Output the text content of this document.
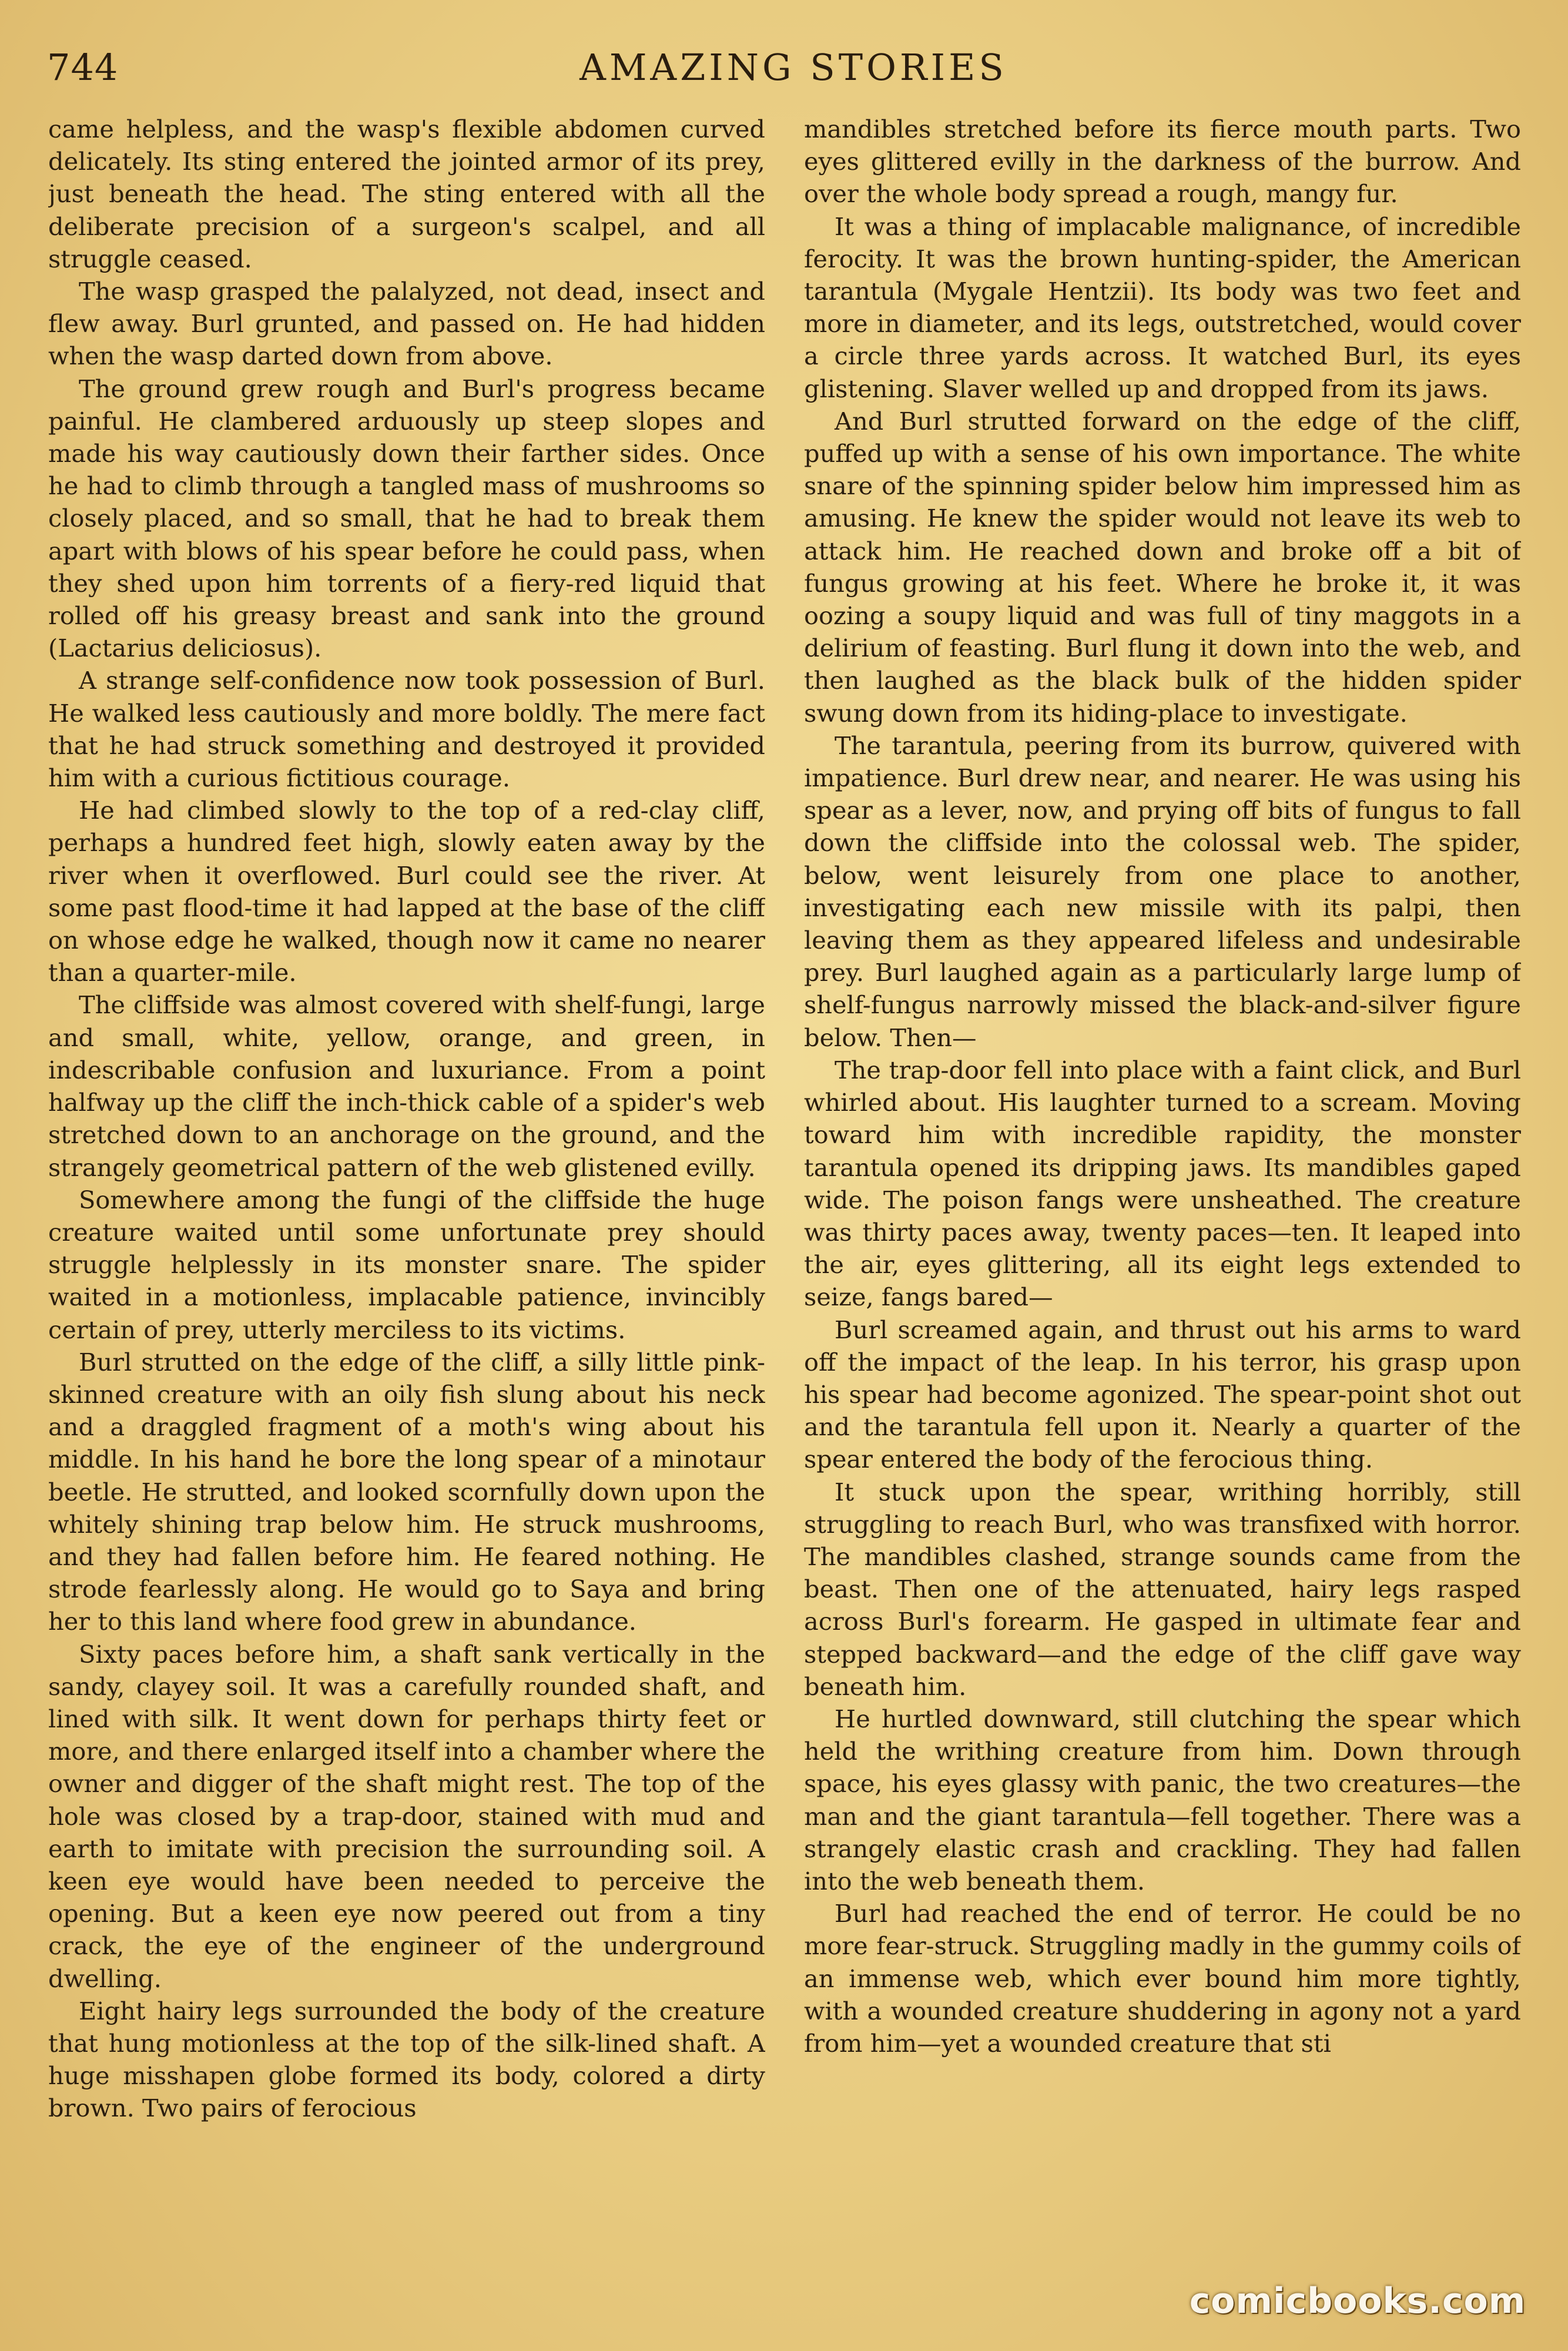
744	AMAZING STORIES

came helpless, and the wasp's flexible abdomen curved delicately. Its sting entered the jointed armor of its prey, just beneath the head. The sting entered with all the deliberate precision of a surgeon's scalpel, and all struggle ceased.

The wasp grasped the palalyzed, not dead, insect and flew away. Burl grunted, and passed on. He had hidden when the wasp darted down from above.

The ground grew rough and Burl's progress became painful. He clambered arduously up steep slopes and made his way cautiously down their farther sides. Once he had to climb through a tangled mass of mushrooms so closely placed, and so small, that he had to break them apart with blows of his spear before he could pass, when they shed upon him torrents of a fiery-red liquid that rolled off his greasy breast and sank into the ground (Lactarius deliciosus).

A strange self-confidence now took possession of Burl. He walked less cautiously and more boldly. The mere fact that he had struck something and destroyed it provided him with a curious fictitious courage.

He had climbed slowly to the top of a red-clay cliff, perhaps a hundred feet high, slowly eaten away by the river when it overflowed. Burl could see the river. At some past flood-time it had lapped at the base of the cliff on whose edge he walked, though now it came no nearer than a quarter-mile.

The cliffside was almost covered with shelf-fungi, large and small, white, yellow, orange, and green, in indescribable confusion and luxuriance. From a point halfway up the cliff the inch-thick cable of a spider's web stretched down to an anchorage on the ground, and the strangely geometrical pattern of the web glistened evilly.

Somewhere among the fungi of the cliffside the huge creature waited until some unfortunate prey should struggle helplessly in its monster snare. The spider waited in a motionless, implacable patience, invincibly certain of prey, utterly merciless to its victims.

Burl strutted on the edge of the cliff, a silly little pink-skinned creature with an oily fish slung about his neck and a draggled fragment of a moth's wing about his middle. In his hand he bore the long spear of a minotaur beetle. He strutted, and looked scornfully down upon the whitely shining trap below him. He struck mushrooms, and they had fallen before him. He feared nothing. He strode fearlessly along. He would go to Saya and bring her to this land where food grew in abundance.

Sixty paces before him, a shaft sank vertically in the sandy, clayey soil. It was a carefully rounded shaft, and lined with silk. It went down for perhaps thirty feet or more, and there enlarged itself into a chamber where the owner and digger of the shaft might rest. The top of the hole was closed by a trap-door, stained with mud and earth to imitate with precision the surrounding soil. A keen eye would have been needed to perceive the opening. But a keen eye now peered out from a tiny crack, the eye of the engineer of the underground dwelling.

Eight hairy legs surrounded the body of the creature that hung motionless at the top of the silk-lined shaft. A huge misshapen globe formed its body, colored a dirty brown. Two pairs of ferocious

mandibles stretched before its fierce mouth parts. Two eyes glittered evilly in the darkness of the burrow. And over the whole body spread a rough, mangy fur.

It was a thing of implacable malignance, of incredible ferocity. It was the brown hunting-spider, the American tarantula (Mygale Hentzii). Its body was two feet and more in diameter, and its legs, outstretched, would cover a circle three yards across. It watched Burl, its eyes glistening. Slaver welled up and dropped from its jaws.

And Burl strutted forward on the edge of the cliff, puffed up with a sense of his own importance. The white snare of the spinning spider below him impressed him as amusing. He knew the spider would not leave its web to attack him. He reached down and broke off a bit of fungus growing at his feet. Where he broke it, it was oozing a soupy liquid and was full of tiny maggots in a delirium of feasting. Burl flung it down into the web, and then laughed as the black bulk of the hidden spider swung down from its hiding-place to investigate.

The tarantula, peering from its burrow, quivered with impatience. Burl drew near, and nearer. He was using his spear as a lever, now, and prying off bits of fungus to fall down the cliffside into the colossal web. The spider, below, went leisurely from one place to another, investigating each new missile with its palpi, then leaving them as they appeared lifeless and undesirable prey. Burl laughed again as a particularly large lump of shelf-fungus narrowly missed the black-and-silver figure below. Then—

The trap-door fell into place with a faint click, and Burl whirled about. His laughter turned to a scream. Moving toward him with incredible rapidity, the monster tarantula opened its dripping jaws. Its mandibles gaped wide. The poison fangs were unsheathed. The creature was thirty paces away, twenty paces—ten. It leaped into the air, eyes glittering, all its eight legs extended to seize, fangs bared—

Burl screamed again, and thrust out his arms to ward off the impact of the leap. In his terror, his grasp upon his spear had become agonized. The spear-point shot out and the tarantula fell upon it. Nearly a quarter of the spear entered the body of the ferocious thing.

It stuck upon the spear, writhing horribly, still struggling to reach Burl, who was transfixed with horror. The mandibles clashed, strange sounds came from the beast. Then one of the attenuated, hairy legs rasped across Burl's forearm. He gasped in ultimate fear and stepped backward—and the edge of the cliff gave way beneath him.

He hurtled downward, still clutching the spear which held the writhing creature from him. Down through space, his eyes glassy with panic, the two creatures—the man and the giant tarantula—fell together. There was a strangely elastic crash and crackling. They had fallen into the web beneath them.

Burl had reached the end of terror. He could be no more fear-struck. Struggling madly in the gummy coils of an immense web, which ever bound him more tightly, with a wounded creature shuddering in agony not a yard from him—yet a wounded creature that sti

comicbooks.com
